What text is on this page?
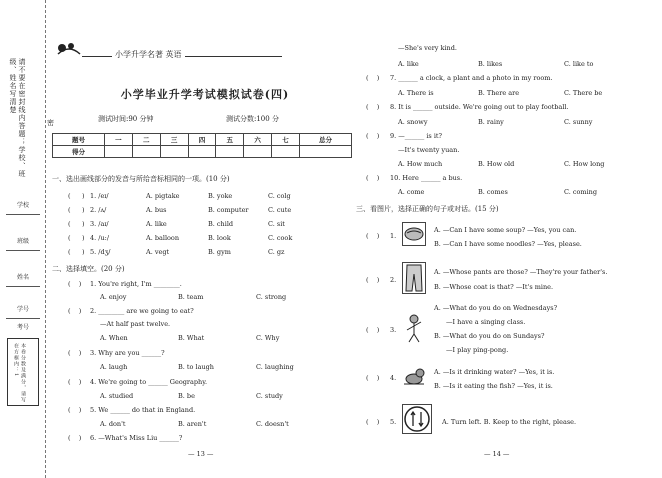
请不要在密封线内答题；学校、班级、姓名写清楚
学校
班级
姓名
学号
考号
本卷分数及满分，请写在方框内：1
小学升学名著 英语
小学毕业升学考试模拟试卷(四)
测试时间:90 分钟	测试分数:100 分
密
题号	一	二	三	四	五	六	七	总分
得分								
一、选出画线部分的发音与所给音标相同的一项。(10 分)
( ) 1. /eɪ/	A. pigtake	B. yoke	C. colg
( ) 2. /ʌ/	A. bus	B. computer	C. cute
( ) 3. /aɪ/	A. like	B. child	C. sit
( ) 4. /u:/	A. balloon	B. look	C. cook
( ) 5. /dʒ/	A. vegt	B. gym	C. gz
二、选择填空。(20 分)
(    ) 1. You're right, I'm ________.
A. enjoy	B. team	C. strong
(    ) 2. ________ are we going to eat?
—At half past twelve.
A. When	B. What	C. Why
(    ) 3. Why are you ______?
A. laugh	B. to laugh	C. laughing
(    ) 4. We're going to ______ Geography.
A. studied	B. be	C. study
(    ) 5. We ______ do that in England.
A. don't	B. aren't	C. doesn't
(    ) 6. —What's Miss Liu ______?
— 13 —
—She's very kind.
A. like	B. likes	C. like to
(    ) 7. ______ a clock, a plant and a photo in my room.
A. There is	B. There are	C. There be
(    ) 8. It is ______ outside. We're going out to play football.
A. snowy	B. rainy	C. sunny
(    ) 9. —______ is it?
—It's twenty yuan.
A. How much	B. How old	C. How long
(    ) 10. Here ______ a bus.
A. come	B. comes	C. coming
三、看图片，选择正确的句子或对话。(15 分)
(    ) 1.
A. —Can I have some soup? —Yes, you can.
B. —Can I have some noodles? —Yes, please.
(    ) 2.
A. —Whose pants are those? —They're your father's.
B. —Whose coat is that? —It's mine.
(    ) 3.
A. —What do you do on Wednesdays?
—I have a singing class.
B. —What do you do on Sundays?
—I play ping-pong.
(    ) 4.
A. —Is it drinking water? —Yes, it is.
B. —Is it eating the fish? —Yes, it is.
(    ) 5.	A. Turn left. B. Keep to the right, please.
— 14 —
